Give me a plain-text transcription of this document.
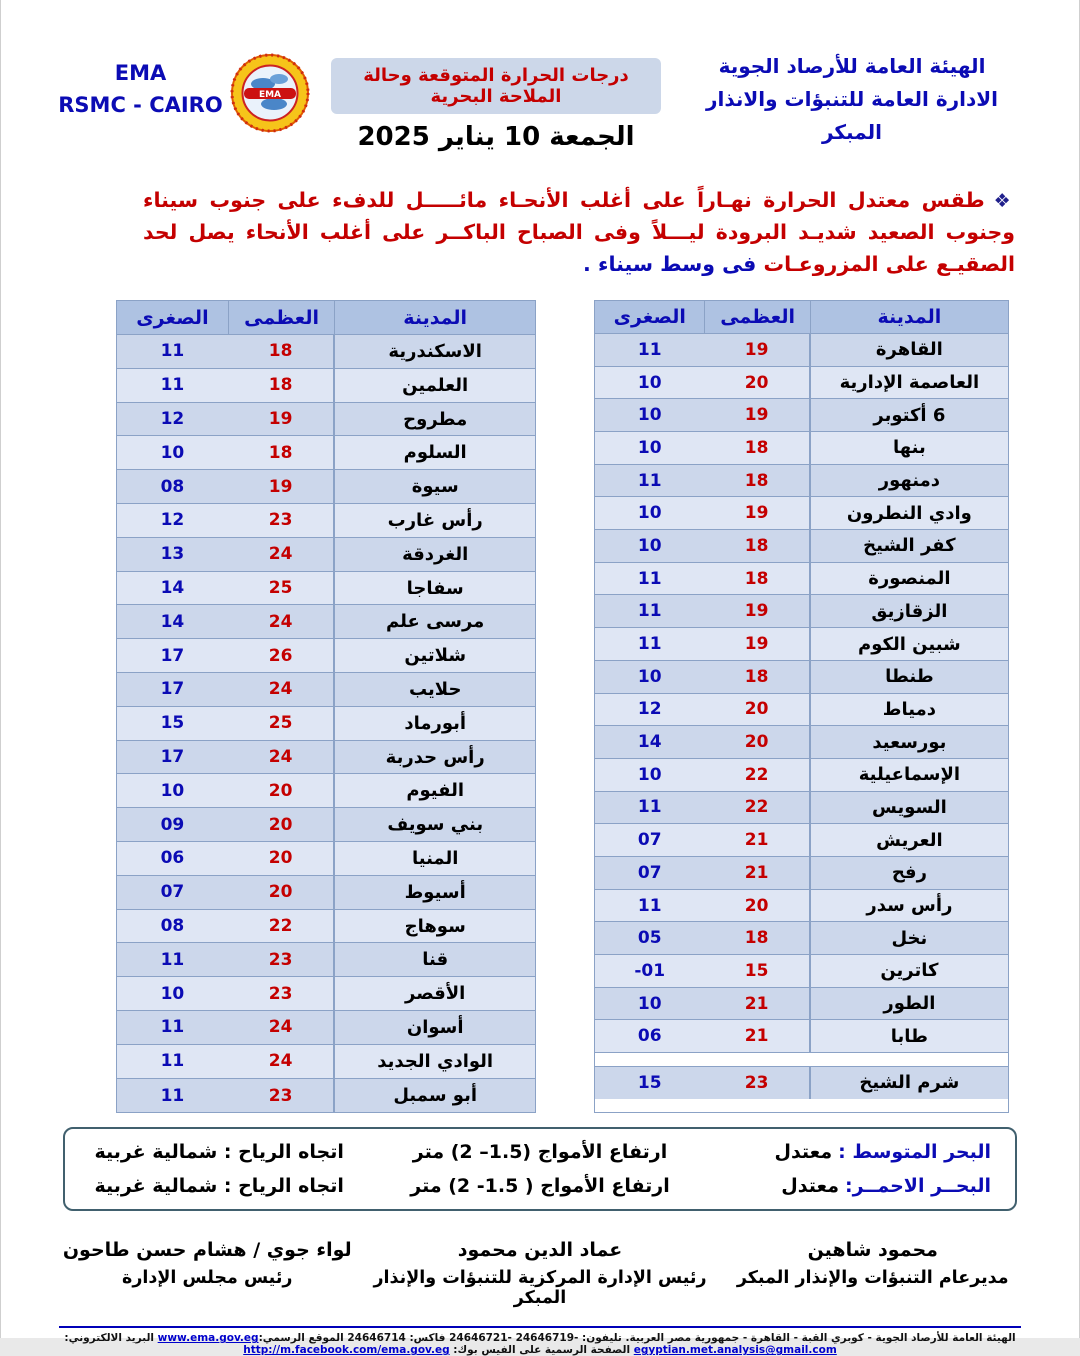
الهيئة العامة للأرصاد الجوية
الادارة العامة للتنبؤات والانذار المبكر
درجات الحرارة المتوقعة وحالة الملاحة البحرية
الجمعة 10 يناير 2025
EMA
EMA
RSMC - CAIRO
❖طقس معتدل الحرارة نهـاراً على أغلب الأنحـاء مائـــــل للدفء على جنوب سيناء وجنوب الصعيد شديـد البرودة ليـــلاً وفى الصباح الباكــر على أغلب الأنحاء يصل لحد الصقيـع على المزروعـات فى وسط سيناء .
المدينة
العظمى
الصغرى
القاهرة
19
11
العاصمة الإدارية
20
10
6 أكتوبر
19
10
بنها
18
10
دمنهور
18
11
وادي النطرون
19
10
كفر الشيخ
18
10
المنصورة
18
11
الزقازيق
19
11
شبين الكوم
19
11
طنطا
18
10
دمياط
20
12
بورسعيد
20
14
الإسماعيلية
22
10
السويس
22
11
العريش
21
07
رفح
21
07
رأس سدر
20
11
نخل
18
05
كاترين
15
-01
الطور
21
10
طابا
21
06
شرم الشيخ
23
15
المدينة
العظمى
الصغرى
الاسكندرية
18
11
العلمين
18
11
مطروح
19
12
السلوم
18
10
سيوة
19
08
رأس غارب
23
12
الغردقة
24
13
سفاجا
25
14
مرسى علم
24
14
شلاتين
26
17
حلايب
24
17
أبورماد
25
15
رأس حدربة
24
17
الفيوم
20
10
بني سويف
20
09
المنيا
20
06
أسيوط
20
07
سوهاج
22
08
قنا
23
11
الأقصر
23
10
أسوان
24
11
الوادي الجديد
24
11
أبو سمبل
23
11
البحر المتوسط :
معتدل
ارتفاع الأمواج (1.5– 2) متر
اتجاه الرياح : شمالية غربية
البحــر الاحمــر:
معتدل
ارتفاع الأمواج ( 1.5- 2) متر
اتجاه الرياح : شمالية غربية
محمود شاهين
مديرعام التنبؤات والإنذار المبكر
عماد الدين محمود
رئيس الإدارة المركزية للتنبؤات والإنذار المبكر
لواء جوي / هشام حسن طاحون
رئيس مجلس الإدارة
الهيئة العامة للأرصاد الجوية - كوبري القبة - القاهرة - جمهورية مصر العربية. تليفون: -24646719 -24646721 فاكس: 24646714 الموقع الرسمي:www.ema.gov.eg البريد الالكتروني: egyptian.met.analysis@gmail.com الصفحة الرسمية على الفيس بوك: http://m.facebook.com/ema.gov.eg
